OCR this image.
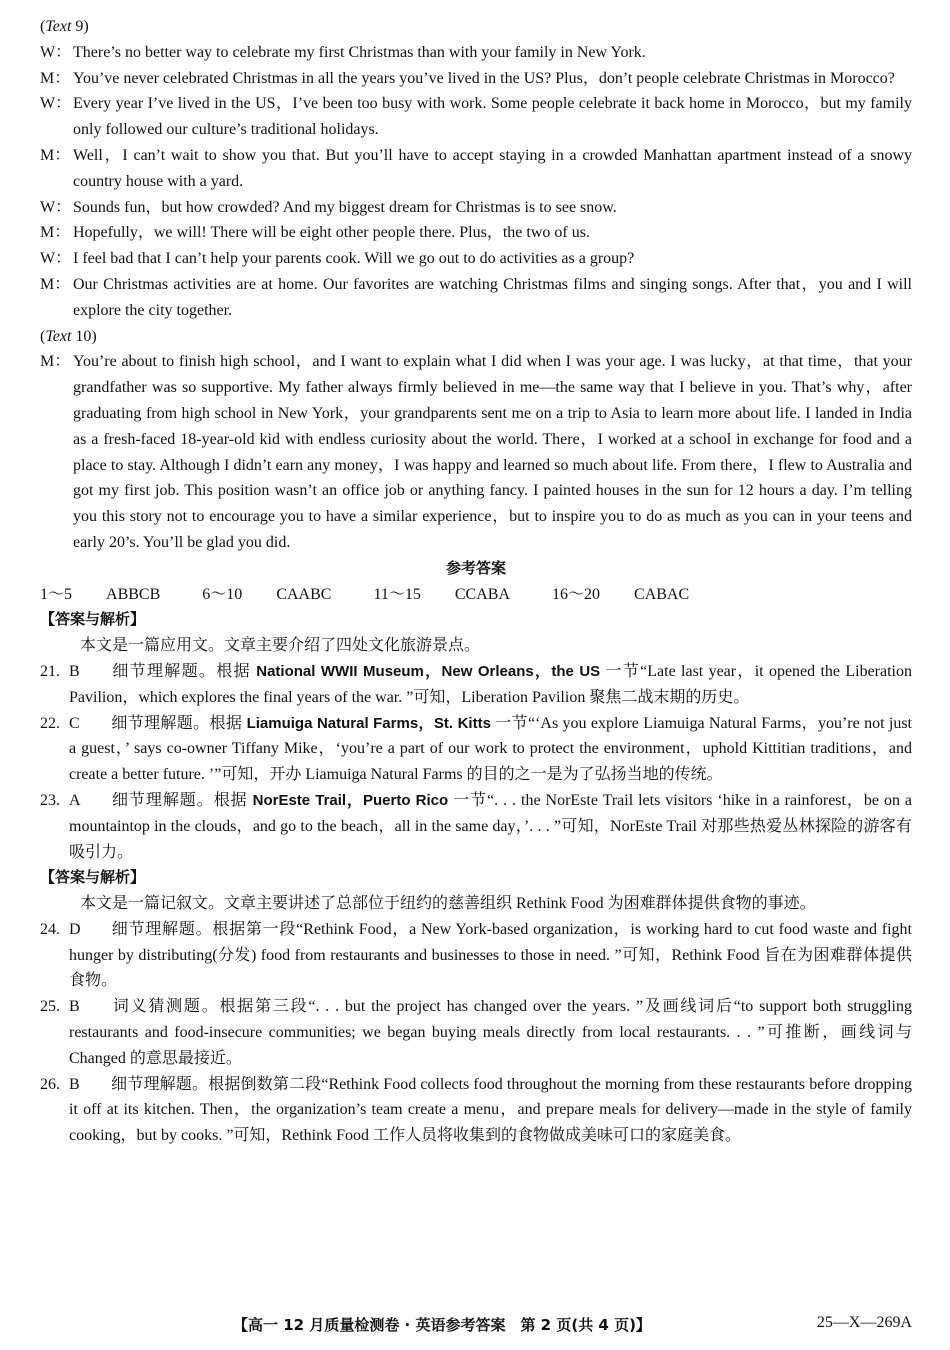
(Text 9)

W： There’s no better way to celebrate my first Christmas than with your family in New York.

M： You’ve never celebrated Christmas in all the years you’ve lived in the US? Plus，don’t people celebrate Christmas in Morocco?

W： Every year I’ve lived in the US，I’ve been too busy with work. Some people celebrate it back home in Morocco，but my family only followed our culture’s traditional holidays.

M： Well，I can’t wait to show you that. But you’ll have to accept staying in a crowded Manhattan apartment instead of a snowy country house with a yard.

W： Sounds fun，but how crowded? And my biggest dream for Christmas is to see snow.

M： Hopefully，we will! There will be eight other people there. Plus，the two of us.

W： I feel bad that I can’t help your parents cook. Will we go out to do activities as a group?

M： Our Christmas activities are at home. Our favorites are watching Christmas films and singing songs. After that，you and I will explore the city together.

(Text 10)

M： You’re about to finish high school，and I want to explain what I did when I was your age. I was lucky，at that time，that your grandfather was so supportive. My father always firmly believed in me—the same way that I believe in you. That’s why，after graduating from high school in New York，your grandparents sent me on a trip to Asia to learn more about life. I landed in India as a fresh-faced 18-year-old kid with endless curiosity about the world. There，I worked at a school in exchange for food and a place to stay. Although I didn’t earn any money，I was happy and learned so much about life. From there，I flew to Australia and got my first job. This position wasn’t an office job or anything fancy. I painted houses in the sun for 12 hours a day. I’m telling you this story not to encourage you to have a similar experience，but to inspire you to do as much as you can in your teens and early 20’s. You’ll be glad you did.

参考答案

1～5　 ABBCB	6～10　 CAABC	11～15　 CCABA	16～20　 CABAC

【答案与解析】

本文是一篇应用文。文章主要介绍了四处文化旅游景点。

21. B 细节理解题。根据 National WWII Museum，New Orleans，the US 一节“Late last year，it opened the Liberation Pavilion，which explores the final years of the war. ”可知，Liberation Pavilion 聚焦二战末期的历史。

22. C 细节理解题。根据 Liamuiga Natural Farms，St. Kitts 一节“‘As you explore Liamuiga Natural Farms，you’re not just a guest，’ says co-owner Tiffany Mike，‘you’re a part of our work to protect the environment，uphold Kittitian traditions，and create a better future. ’”可知，开办 Liamuiga Natural Farms 的目的之一是为了弘扬当地的传统。

23. A 细节理解题。根据 NorEste Trail，Puerto Rico 一节“. . . the NorEste Trail lets visitors ‘hike in a rainforest，be on a mountaintop in the clouds，and go to the beach，all in the same day，’. . . ”可知，NorEste Trail 对那些热爱丛林探险的游客有吸引力。

【答案与解析】

本文是一篇记叙文。文章主要讲述了总部位于纽约的慈善组织 Rethink Food 为困难群体提供食物的事迹。

24. D 细节理解题。根据第一段“Rethink Food，a New York-based organization，is working hard to cut food waste and fight hunger by distributing(分发) food from restaurants and businesses to those in need. ”可知，Rethink Food 旨在为困难群体提供食物。

25. B 词义猜测题。根据第三段“. . . but the project has changed over the years. ”及画线词后“to support both struggling restaurants and food-insecure communities; we began buying meals directly from local restaurants. . . ”可推断，画线词与 Changed 的意思最接近。

26. B 细节理解题。根据倒数第二段“Rethink Food collects food throughout the morning from these restaurants before dropping it off at its kitchen. Then，the organization’s team create a menu，and prepare meals for delivery—made in the style of family cooking，but by cooks. ”可知，Rethink Food 工作人员将收集到的食物做成美味可口的家庭美食。

【高一 12 月质量检测卷 · 英语参考答案　第 2 页(共 4 页)】	25—X—269A
